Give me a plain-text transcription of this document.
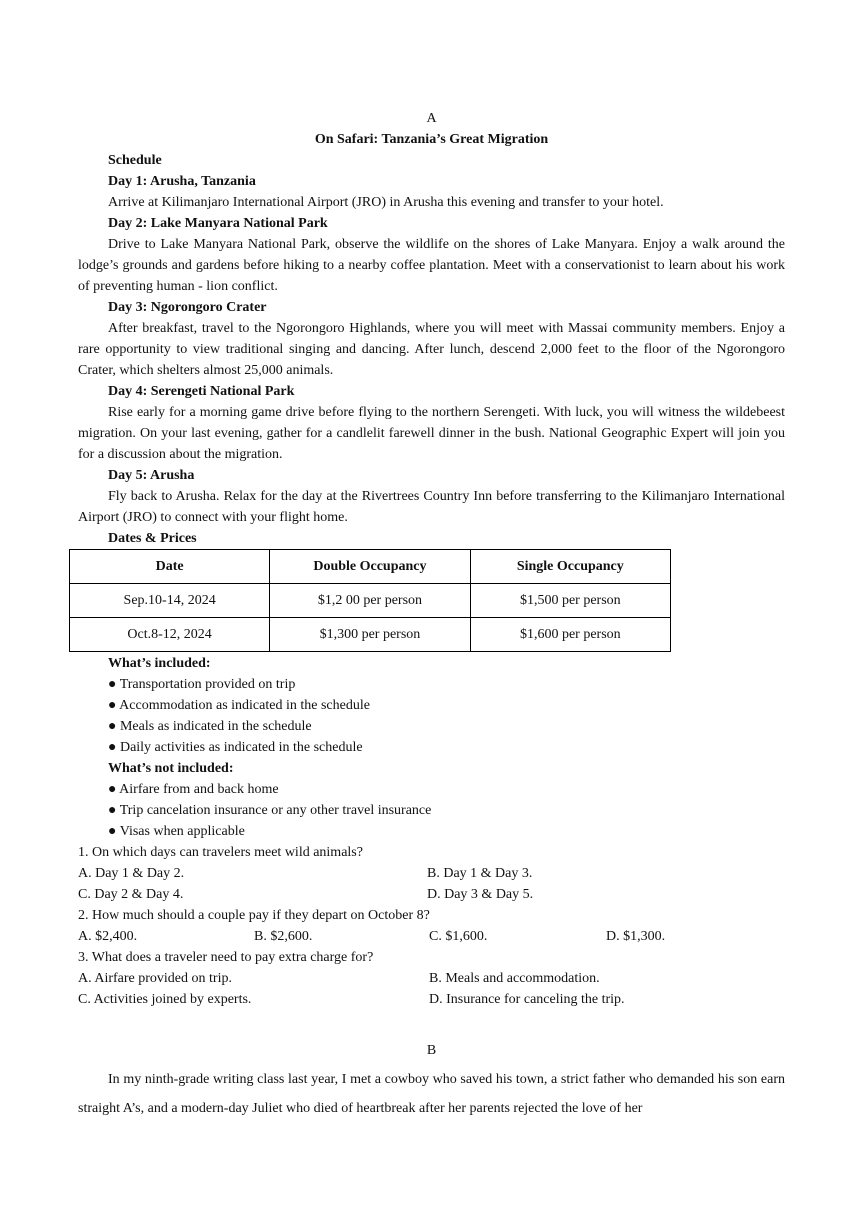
A
On Safari: Tanzania’s Great Migration
Schedule
Day 1: Arusha, Tanzania

Arrive at Kilimanjaro International Airport (JRO) in Arusha this evening and transfer to your hotel.

Day 2: Lake Manyara National Park

Drive to Lake Manyara National Park, observe the wildlife on the shores of Lake Manyara. Enjoy a walk around the lodge’s grounds and gardens before hiking to a nearby coffee plantation. Meet with a conservationist to learn about his work of preventing human - lion conflict.

Day 3: Ngorongoro Crater

After breakfast, travel to the Ngorongoro Highlands, where you will meet with Massai community members. Enjoy a rare opportunity to view traditional singing and dancing. After lunch, descend 2,000 feet to the floor of the Ngorongoro Crater, which shelters almost 25,000 animals.

Day 4: Serengeti National Park

Rise early for a morning game drive before flying to the northern Serengeti. With luck, you will witness the wildebeest migration. On your last evening, gather for a candlelit farewell dinner in the bush. National Geographic Expert will join you for a discussion about the migration.

Day 5: Arusha

Fly back to Arusha. Relax for the day at the Rivertrees Country Inn before transferring to the Kilimanjaro International Airport (JRO) to connect with your flight home.

Dates & Prices
Date	Double Occupancy	Single Occupancy
Sep.10-14, 2024	$1,2 00 per person	$1,500 per person
Oct.8-12, 2024	$1,300 per person	$1,600 per person
What’s included:
● Transportation provided on trip
● Accommodation as indicated in the schedule
● Meals as indicated in the schedule
● Daily activities as indicated in the schedule
What’s not included:
● Airfare from and back home
● Trip cancelation insurance or any other travel insurance
● Visas when applicable
1. On which days can travelers meet wild animals?
A. Day 1 & Day 2.	B. Day 1 & Day 3.
C. Day 2 & Day 4.	D. Day 3 & Day 5.
2. How much should a couple pay if they depart on October 8?
A. $2,400.	B. $2,600.	C. $1,600.	D. $1,300.
3. What does a traveler need to pay extra charge for?
A. Airfare provided on trip.	B. Meals and accommodation.
C. Activities joined by experts.	D. Insurance for canceling the trip.
B

In my ninth-grade writing class last year, I met a cowboy who saved his town, a strict father who demanded his son earn straight A’s, and a modern-day Juliet who died of heartbreak after her parents rejected the love of her
